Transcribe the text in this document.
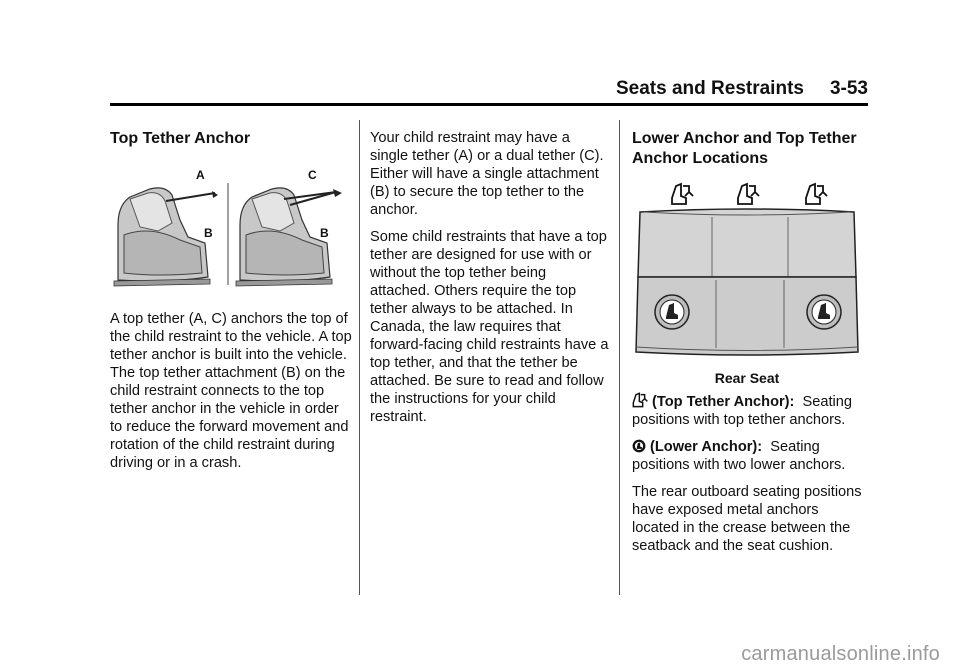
Seats and Restraints 3-53

Top Tether Anchor

A
B
C
B

A top tether (A, C) anchors the top of the child restraint to the vehicle. A top tether anchor is built into the vehicle. The top tether attachment (B) on the child restraint connects to the top tether anchor in the vehicle in order to reduce the forward movement and rotation of the child restraint during driving or in a crash.

Your child restraint may have a single tether (A) or a dual tether (C). Either will have a single attachment (B) to secure the top tether to the anchor.

Some child restraints that have a top tether are designed for use with or without the top tether being attached. Others require the top tether always to be attached. In Canada, the law requires that forward-facing child restraints have a top tether, and that the tether be attached. Be sure to read and follow the instructions for your child restraint.

Lower Anchor and Top Tether Anchor Locations

Rear Seat

(Top Tether Anchor): Seating positions with top tether anchors.

(Lower Anchor): Seating positions with two lower anchors.

The rear outboard seating positions have exposed metal anchors located in the crease between the seatback and the seat cushion.

carmanualsonline.info
